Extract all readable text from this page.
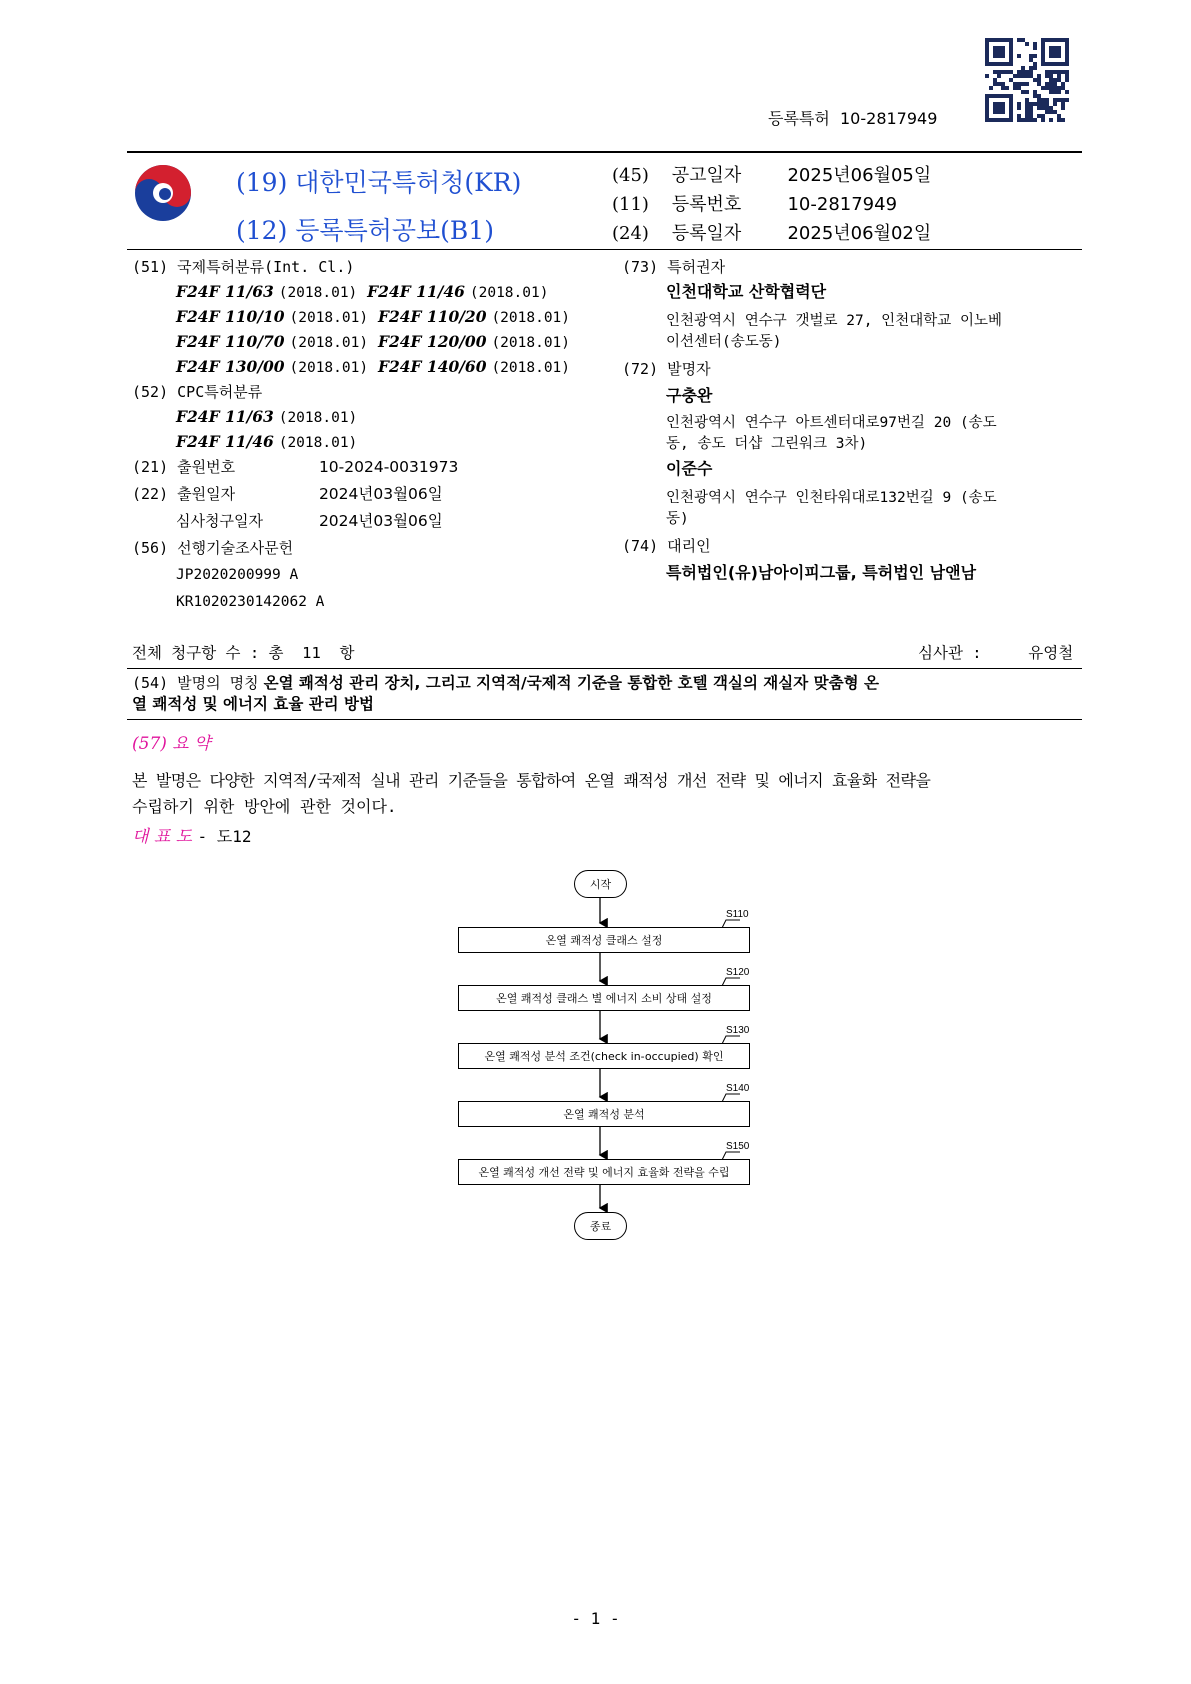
등록특허 10-2817949
(19) 대한민국특허청(KR)
(12) 등록특허공보(B1)
(45) 공고일자	2025년06월05일
(11) 등록번호	10-2817949
(24) 등록일자	2025년06월02일
(51) 국제특허분류(Int. Cl.)
F24F 11/63 (2018.01) F24F 11/46 (2018.01)
F24F 110/10 (2018.01) F24F 110/20 (2018.01)
F24F 110/70 (2018.01) F24F 120/00 (2018.01)
F24F 130/00 (2018.01) F24F 140/60 (2018.01)
(52) CPC특허분류
F24F 11/63 (2018.01)
F24F 11/46 (2018.01)
(21) 출원번호	10-2024-0031973
(22) 출원일자	2024년03월06일
심사청구일자	2024년03월06일
(56) 선행기술조사문헌
JP2020200999 A
KR1020230142062 A
(73) 특허권자
인천대학교 산학협력단
인천광역시 연수구 갯벌로 27, 인천대학교 이노베
이션센터(송도동)
(72) 발명자
구충완
인천광역시 연수구 아트센터대로97번길 20 (송도
동, 송도 더샵 그린워크 3차)
이준수
인천광역시 연수구 인천타워대로132번길 9 (송도
동)
(74) 대리인
특허법인(유)남아이피그룹, 특허법인 남앤남
전체 청구항 수 : 총  11  항	심사관 :	유영철
(54) 발명의 명칭 온열 쾌적성 관리 장치, 그리고 지역적/국제적 기준을 통합한 호텔 객실의 재실자 맞춤형 온
열 쾌적성 및 에너지 효율 관리 방법
(57) 요 약
본 발명은 다양한 지역적/국제적 실내 관리 기준들을 통합하여 온열 쾌적성 개선 전략 및 에너지 효율화 전략을
수립하기 위한 방안에 관한 것이다.
대 표 도 - 도12
시작
S110
온열 쾌적성 클래스 설정
S120
온열 쾌적성 클래스 별 에너지 소비 상태 설정
S130
온열 쾌적성 분석 조건(check in-occupied) 확인
S140
온열 쾌적성 분석
S150
온열 쾌적성 개선 전략 및 에너지 효율화 전략을 수립
종료
- 1 -
